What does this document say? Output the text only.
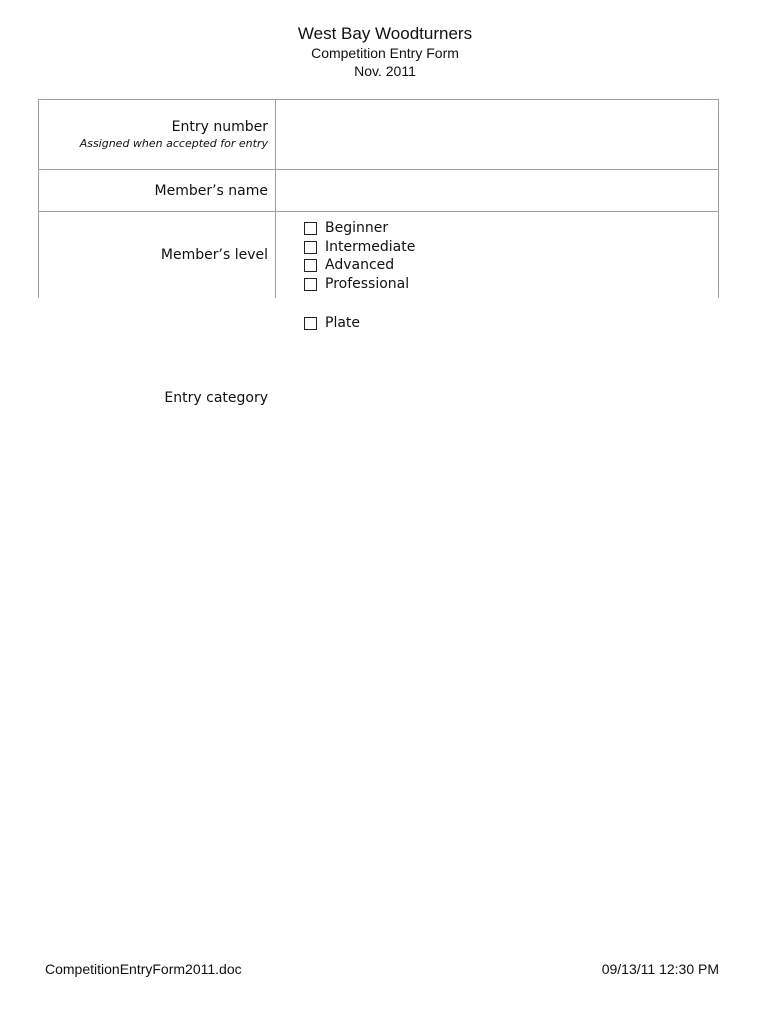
West Bay Woodturners
Competition Entry Form
Nov. 2011
Entry number
Assigned when accepted for entry
Member’s name
Member’s level
Beginner
Intermediate
Advanced
Professional
Plate
Entry category
CompetitionEntryForm2011.doc	09/13/11 12:30 PM
